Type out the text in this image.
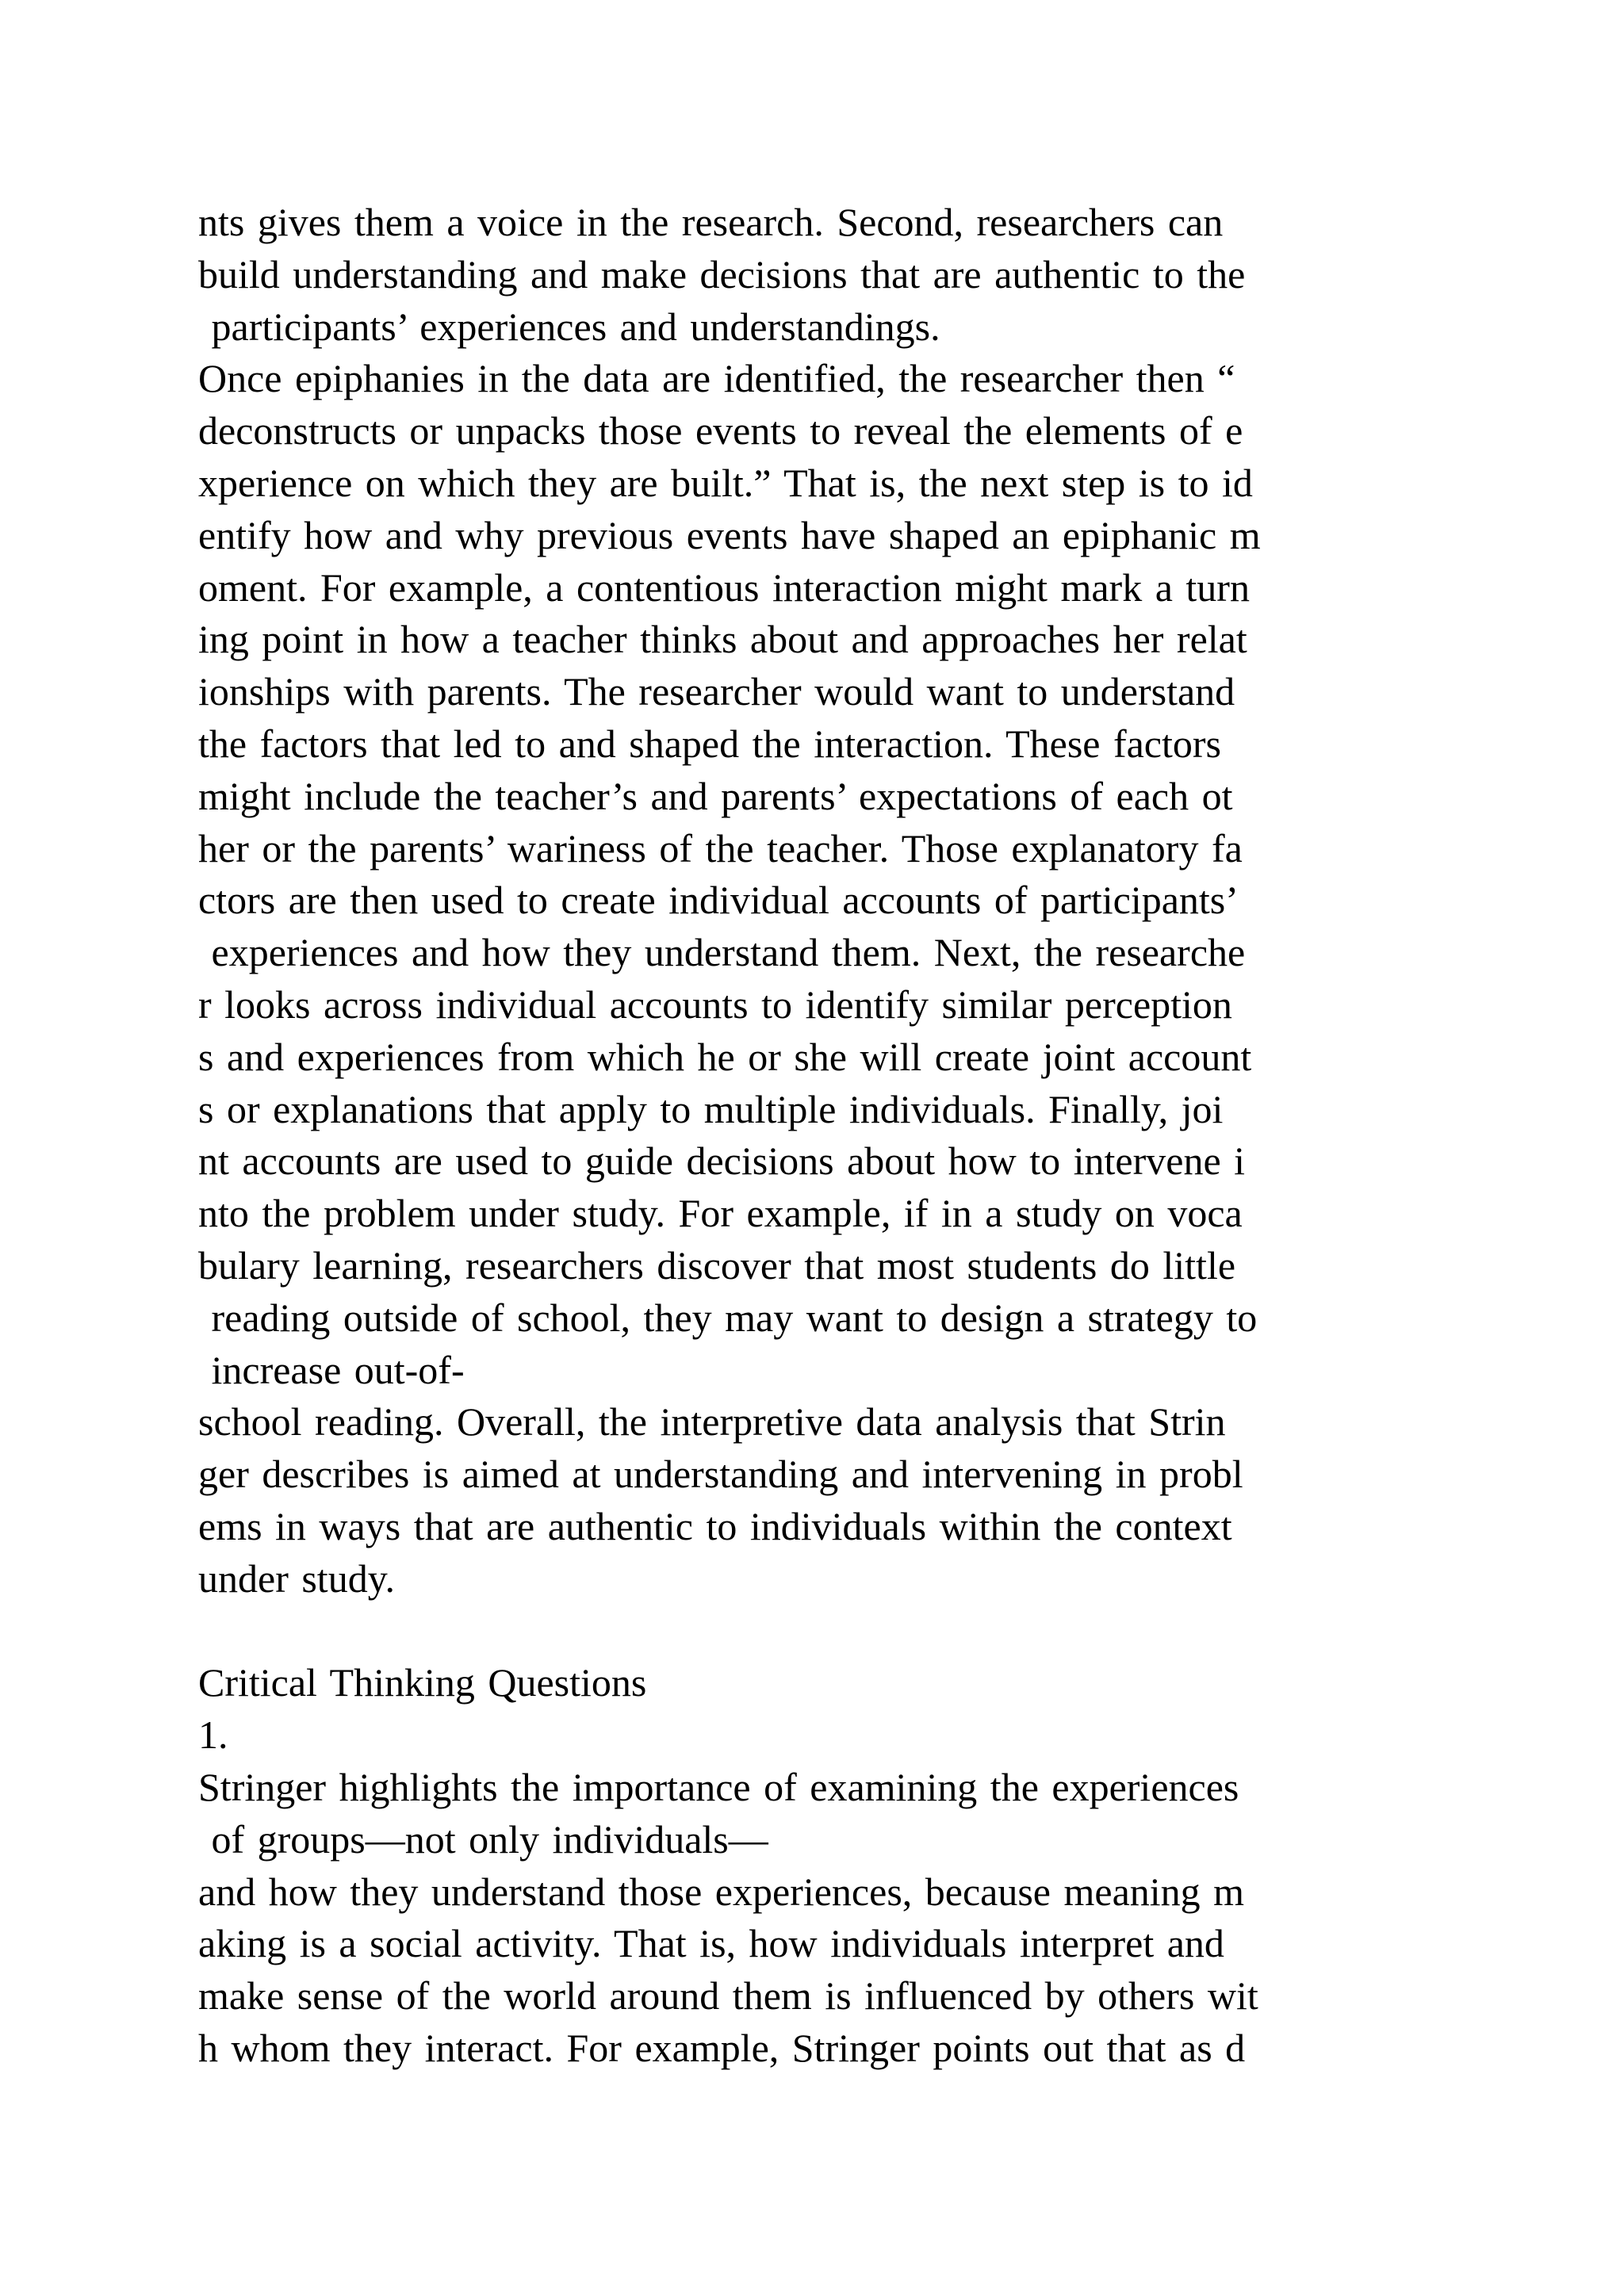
nts gives them a voice in the research. Second, researchers can
build understanding and make decisions that are authentic to the
participants’ experiences and understandings.
Once epiphanies in the data are identified, the researcher then “
deconstructs or unpacks those events to reveal the elements of e
xperience on which they are built.” That is, the next step is to id
entify how and why previous events have shaped an epiphanic m
oment. For example, a contentious interaction might mark a turn
ing point in how a teacher thinks about and approaches her relat
ionships with parents. The researcher would want to understand
the factors that led to and shaped the interaction. These factors
might include the teacher’s and parents’ expectations of each ot
her or the parents’ wariness of the teacher. Those explanatory fa
ctors are then used to create individual accounts of participants’
experiences and how they understand them. Next, the researche
r looks across individual accounts to identify similar perception
s and experiences from which he or she will create joint account
s or explanations that apply to multiple individuals. Finally, joi
nt accounts are used to guide decisions about how to intervene i
nto the problem under study. For example, if in a study on voca
bulary learning, researchers discover that most students do little
reading outside of school, they may want to design a strategy to
increase out-of-
school reading. Overall, the interpretive data analysis that Strin
ger describes is aimed at understanding and intervening in probl
ems in ways that are authentic to individuals within the context
under study.
Critical Thinking Questions
1.
Stringer highlights the importance of examining the experiences
of groups—not only individuals—
and how they understand those experiences, because meaning m
aking is a social activity. That is, how individuals interpret and
make sense of the world around them is influenced by others wit
h whom they interact. For example, Stringer points out that as d
